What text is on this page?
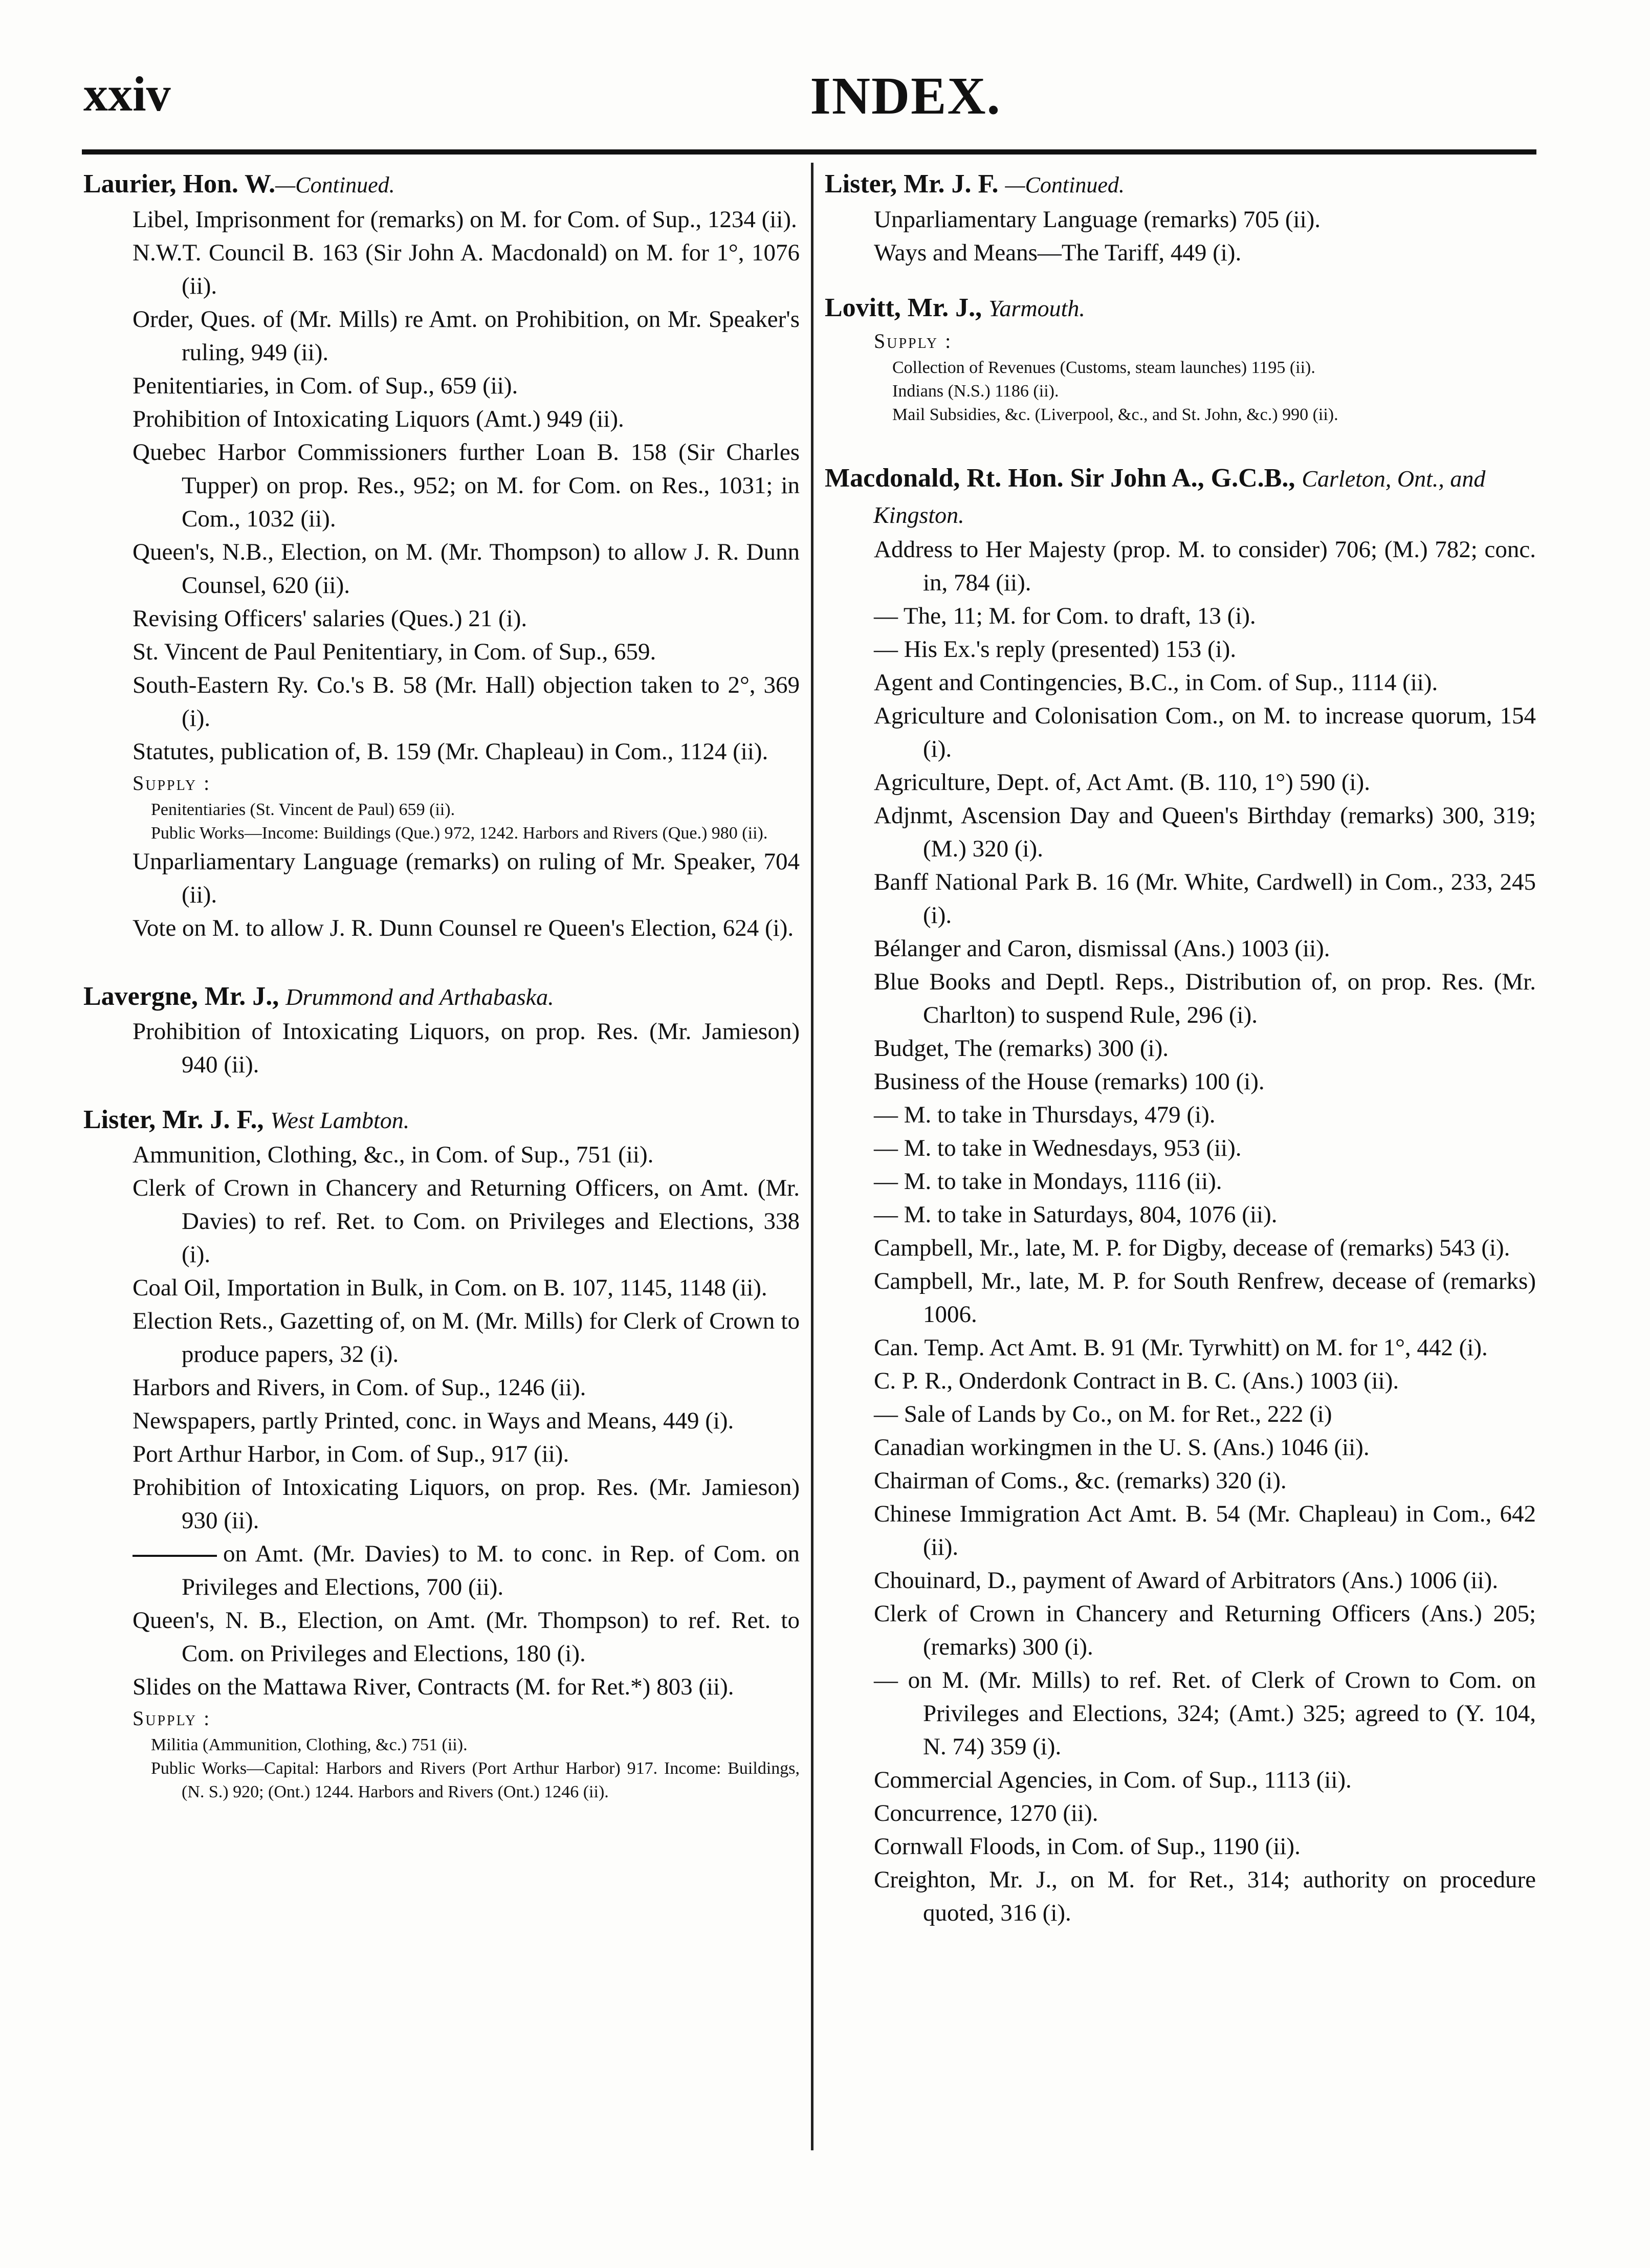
xxiv	INDEX.
Laurier, Hon. W.—Continued.
Libel, Imprisonment for (remarks) on M. for Com. of Sup., 1234 (ii).
N.W.T. Council B. 163 (Sir John A. Macdonald) on M. for 1°, 1076 (ii).
Order, Ques. of (Mr. Mills) re Amt. on Prohibition, on Mr. Speaker's ruling, 949 (ii).
Penitentiaries, in Com. of Sup., 659 (ii).
Prohibition of Intoxicating Liquors (Amt.) 949 (ii).
Quebec Harbor Commissioners further Loan B. 158 (Sir Charles Tupper) on prop. Res., 952; on M. for Com. on Res., 1031; in Com., 1032 (ii).
Queen's, N.B., Election, on M. (Mr. Thompson) to allow J. R. Dunn Counsel, 620 (ii).
Revising Officers' salaries (Ques.) 21 (i).
St. Vincent de Paul Penitentiary, in Com. of Sup., 659.
South-Eastern Ry. Co.'s B. 58 (Mr. Hall) objection taken to 2°, 369 (i).
Statutes, publication of, B. 159 (Mr. Chapleau) in Com., 1124 (ii).
Supply :
Penitentiaries (St. Vincent de Paul) 659 (ii).
Public Works—Income: Buildings (Que.) 972, 1242. Harbors and Rivers (Que.) 980 (ii).
Unparliamentary Language (remarks) on ruling of Mr. Speaker, 704 (ii).
Vote on M. to allow J. R. Dunn Counsel re Queen's Election, 624 (i).
Lavergne, Mr. J., Drummond and Arthabaska.
Prohibition of Intoxicating Liquors, on prop. Res. (Mr. Jamieson) 940 (ii).
Lister, Mr. J. F., West Lambton.
Ammunition, Clothing, &c., in Com. of Sup., 751 (ii).
Clerk of Crown in Chancery and Returning Officers, on Amt. (Mr. Davies) to ref. Ret. to Com. on Privileges and Elections, 338 (i).
Coal Oil, Importation in Bulk, in Com. on B. 107, 1145, 1148 (ii).
Election Rets., Gazetting of, on M. (Mr. Mills) for Clerk of Crown to produce papers, 32 (i).
Harbors and Rivers, in Com. of Sup., 1246 (ii).
Newspapers, partly Printed, conc. in Ways and Means, 449 (i).
Port Arthur Harbor, in Com. of Sup., 917 (ii).
Prohibition of Intoxicating Liquors, on prop. Res. (Mr. Jamieson) 930 (ii).
on Amt. (Mr. Davies) to M. to conc. in Rep. of Com. on Privileges and Elections, 700 (ii).
Queen's, N. B., Election, on Amt. (Mr. Thompson) to ref. Ret. to Com. on Privileges and Elections, 180 (i).
Slides on the Mattawa River, Contracts (M. for Ret.*) 803 (ii).
Supply :
Militia (Ammunition, Clothing, &c.) 751 (ii).
Public Works—Capital: Harbors and Rivers (Port Arthur Harbor) 917. Income: Buildings, (N. S.) 920; (Ont.) 1244. Harbors and Rivers (Ont.) 1246 (ii).
Lister, Mr. J. F. —Continued.
Unparliamentary Language (remarks) 705 (ii).
Ways and Means—The Tariff, 449 (i).
Lovitt, Mr. J., Yarmouth.
Supply :
Collection of Revenues (Customs, steam launches) 1195 (ii).
Indians (N.S.) 1186 (ii).
Mail Subsidies, &c. (Liverpool, &c., and St. John, &c.) 990 (ii).
Macdonald, Rt. Hon. Sir John A., G.C.B., Carleton, Ont., and Kingston.
Address to Her Majesty (prop. M. to consider) 706; (M.) 782; conc. in, 784 (ii).
— The, 11; M. for Com. to draft, 13 (i).
— His Ex.'s reply (presented) 153 (i).
Agent and Contingencies, B.C., in Com. of Sup., 1114 (ii).
Agriculture and Colonisation Com., on M. to increase quorum, 154 (i).
Agriculture, Dept. of, Act Amt. (B. 110, 1°) 590 (i).
Adjnmt, Ascension Day and Queen's Birthday (remarks) 300, 319; (M.) 320 (i).
Banff National Park B. 16 (Mr. White, Cardwell) in Com., 233, 245 (i).
Bélanger and Caron, dismissal (Ans.) 1003 (ii).
Blue Books and Deptl. Reps., Distribution of, on prop. Res. (Mr. Charlton) to suspend Rule, 296 (i).
Budget, The (remarks) 300 (i).
Business of the House (remarks) 100 (i).
— M. to take in Thursdays, 479 (i).
— M. to take in Wednesdays, 953 (ii).
— M. to take in Mondays, 1116 (ii).
— M. to take in Saturdays, 804, 1076 (ii).
Campbell, Mr., late, M. P. for Digby, decease of (remarks) 543 (i).
Campbell, Mr., late, M. P. for South Renfrew, decease of (remarks) 1006.
Can. Temp. Act Amt. B. 91 (Mr. Tyrwhitt) on M. for 1°, 442 (i).
C. P. R., Onderdonk Contract in B. C. (Ans.) 1003 (ii).
— Sale of Lands by Co., on M. for Ret., 222 (i)
Canadian workingmen in the U. S. (Ans.) 1046 (ii).
Chairman of Coms., &c. (remarks) 320 (i).
Chinese Immigration Act Amt. B. 54 (Mr. Chapleau) in Com., 642 (ii).
Chouinard, D., payment of Award of Arbitrators (Ans.) 1006 (ii).
Clerk of Crown in Chancery and Returning Officers (Ans.) 205; (remarks) 300 (i).
— on M. (Mr. Mills) to ref. Ret. of Clerk of Crown to Com. on Privileges and Elections, 324; (Amt.) 325; agreed to (Y. 104, N. 74) 359 (i).
Commercial Agencies, in Com. of Sup., 1113 (ii).
Concurrence, 1270 (ii).
Cornwall Floods, in Com. of Sup., 1190 (ii).
Creighton, Mr. J., on M. for Ret., 314; authority on procedure quoted, 316 (i).
